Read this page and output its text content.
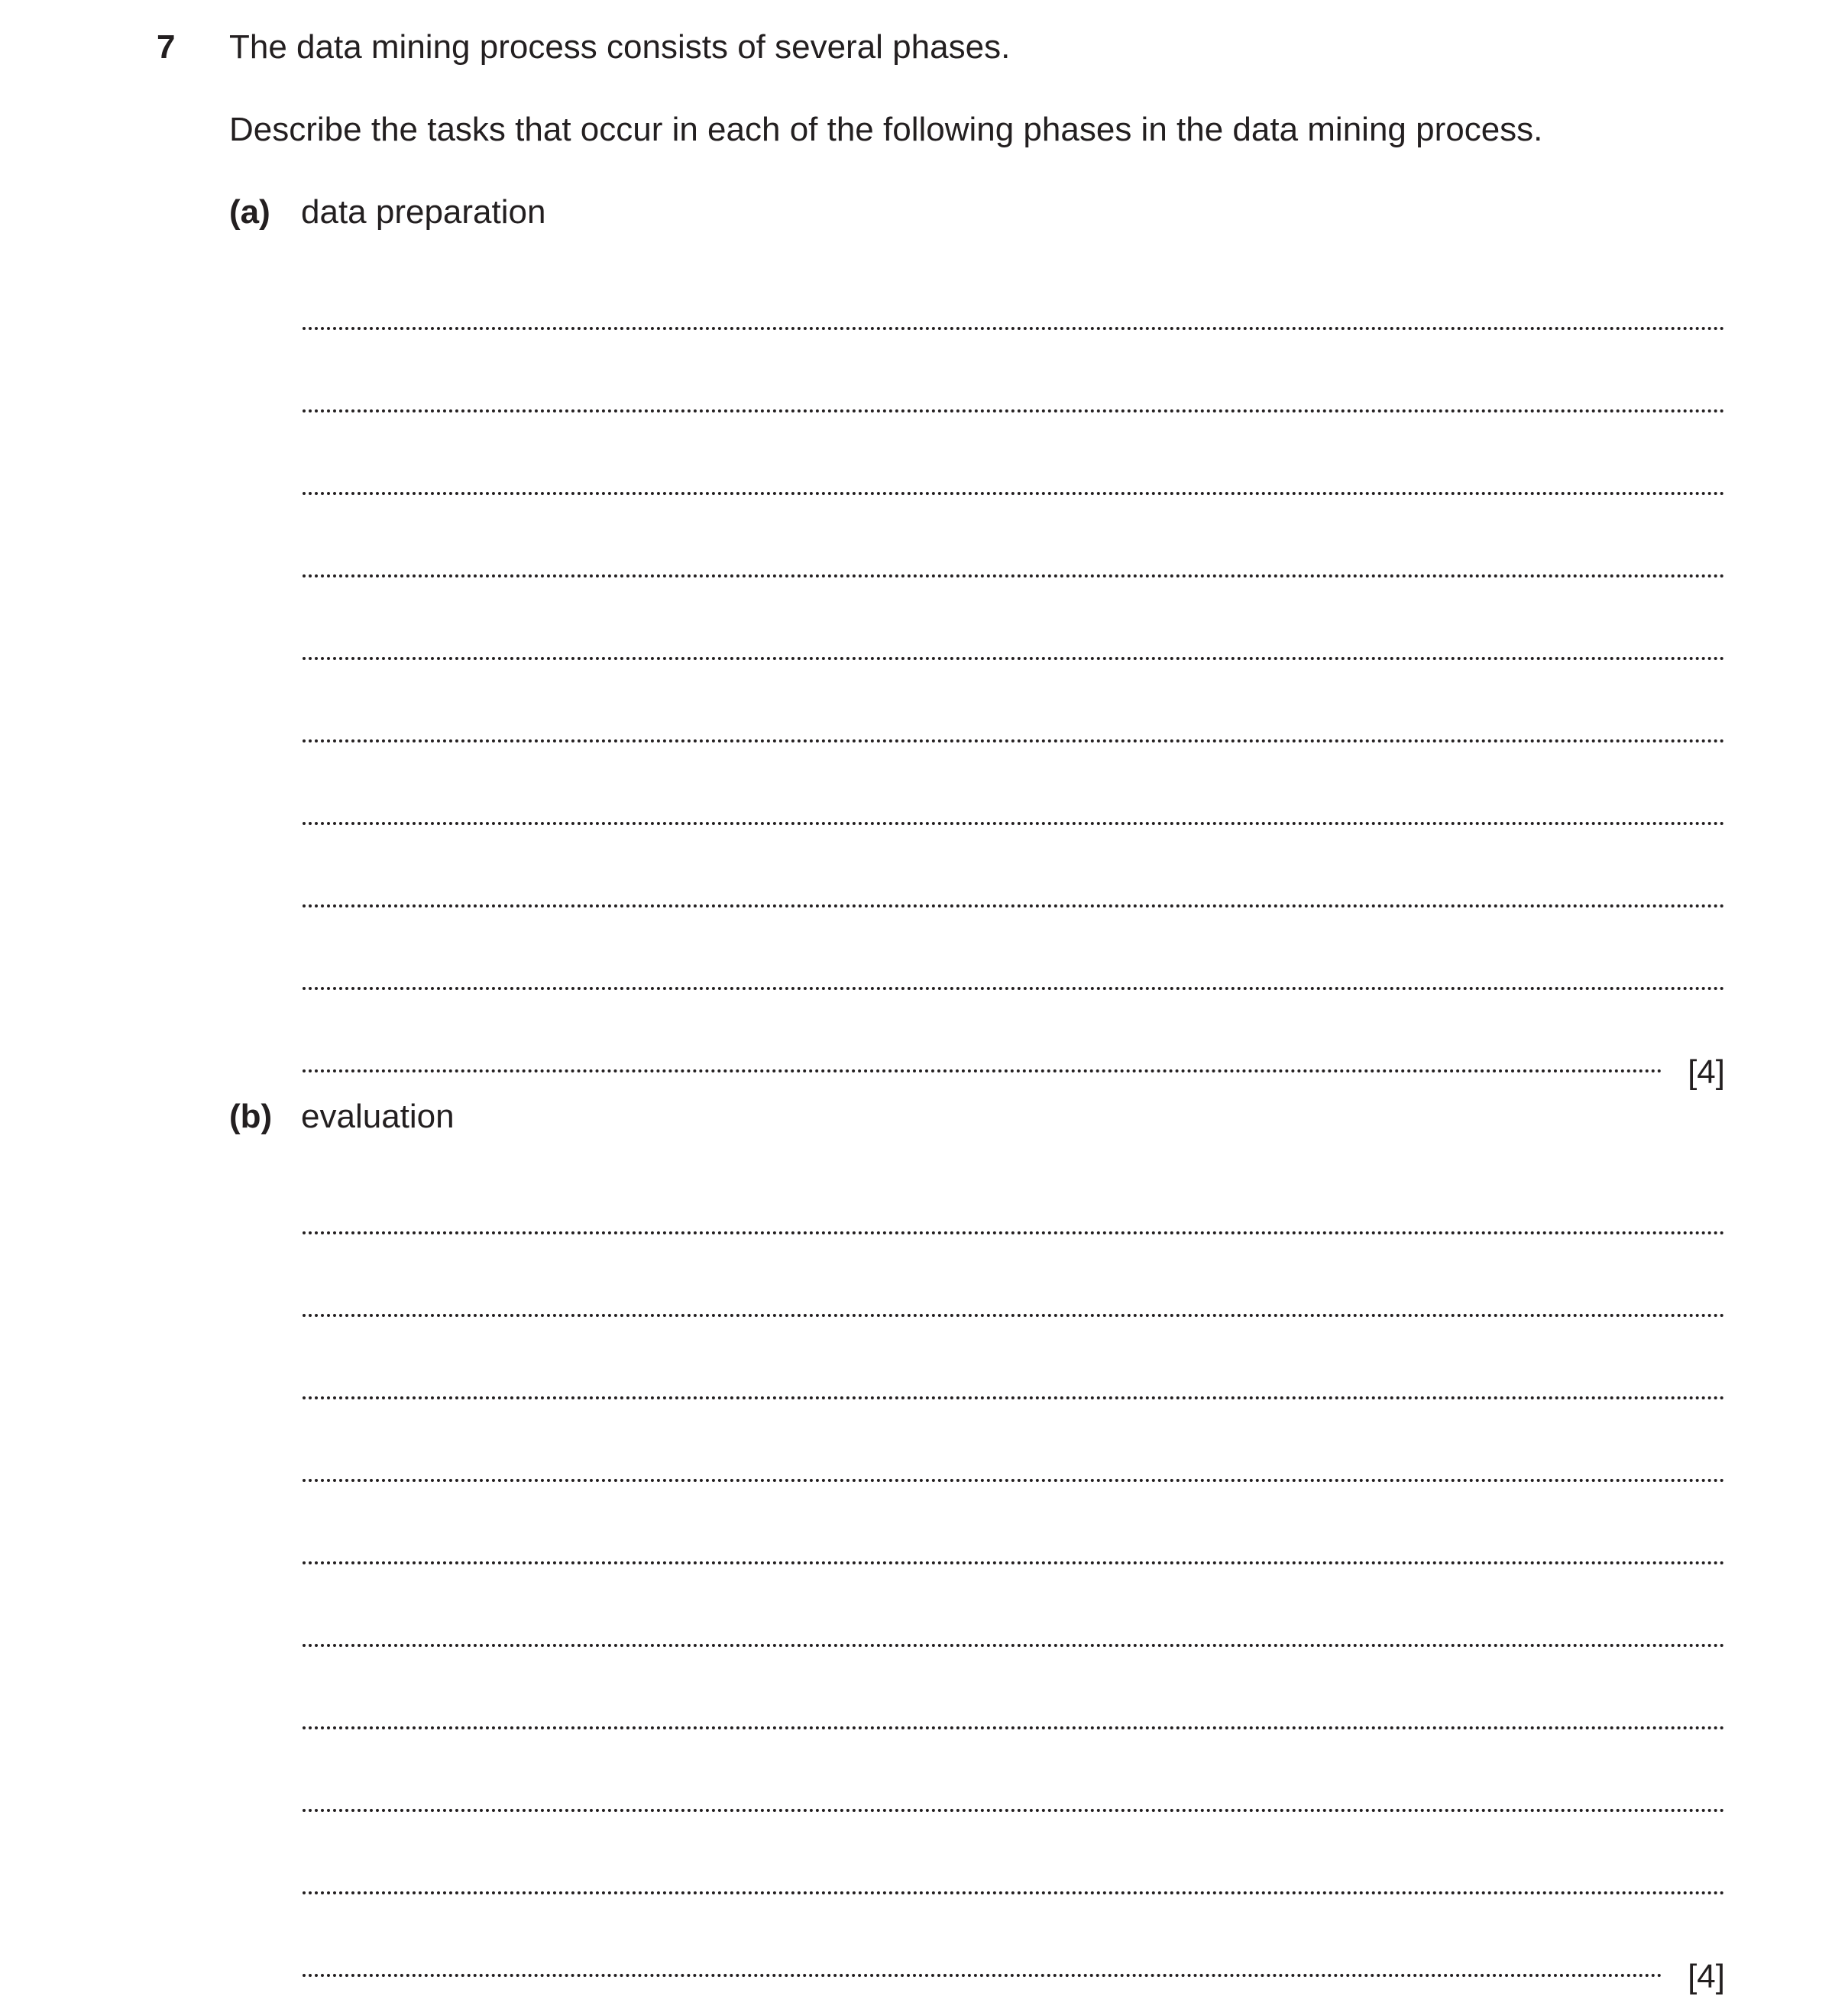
7 The data mining process consists of several phases.
Describe the tasks that occur in each of the following phases in the data mining process.
(a) data preparation
[4]
(b) evaluation
[4]
